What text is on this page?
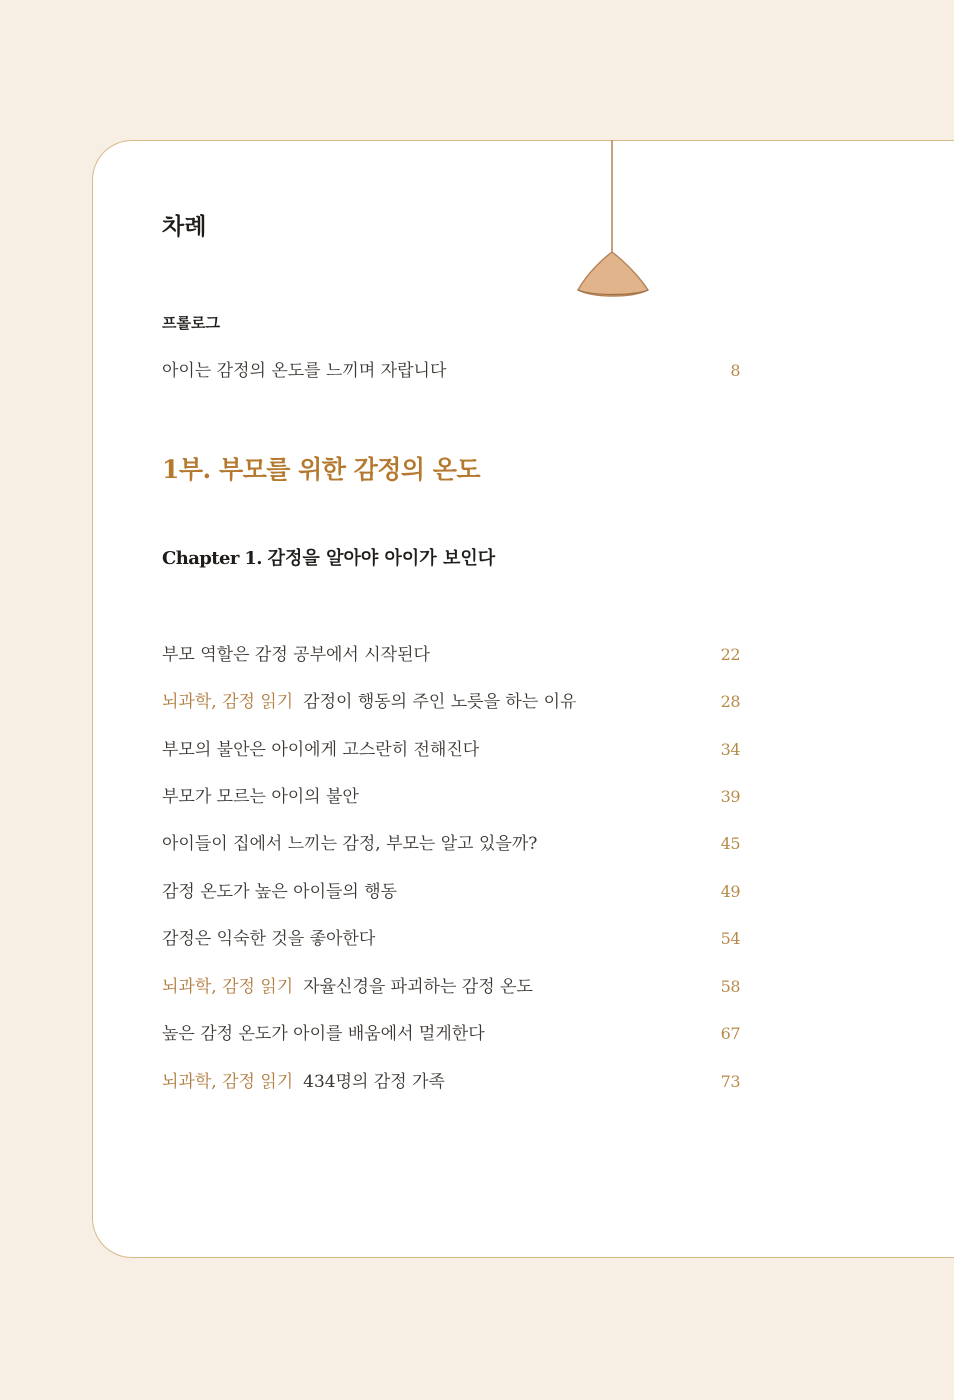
차례
프롤로그
아이는 감정의 온도를 느끼며 자랍니다	8
1부. 부모를 위한 감정의 온도
Chapter 1. 감정을 알아야 아이가 보인다
부모 역할은 감정 공부에서 시작된다	22
뇌과학, 감정 읽기 감정이 행동의 주인 노릇을 하는 이유	28
부모의 불안은 아이에게 고스란히 전해진다	34
부모가 모르는 아이의 불안	39
아이들이 집에서 느끼는 감정, 부모는 알고 있을까?	45
감정 온도가 높은 아이들의 행동	49
감정은 익숙한 것을 좋아한다	54
뇌과학, 감정 읽기 자율신경을 파괴하는 감정 온도	58
높은 감정 온도가 아이를 배움에서 멀게한다	67
뇌과학, 감정 읽기 434명의 감정 가족	73
